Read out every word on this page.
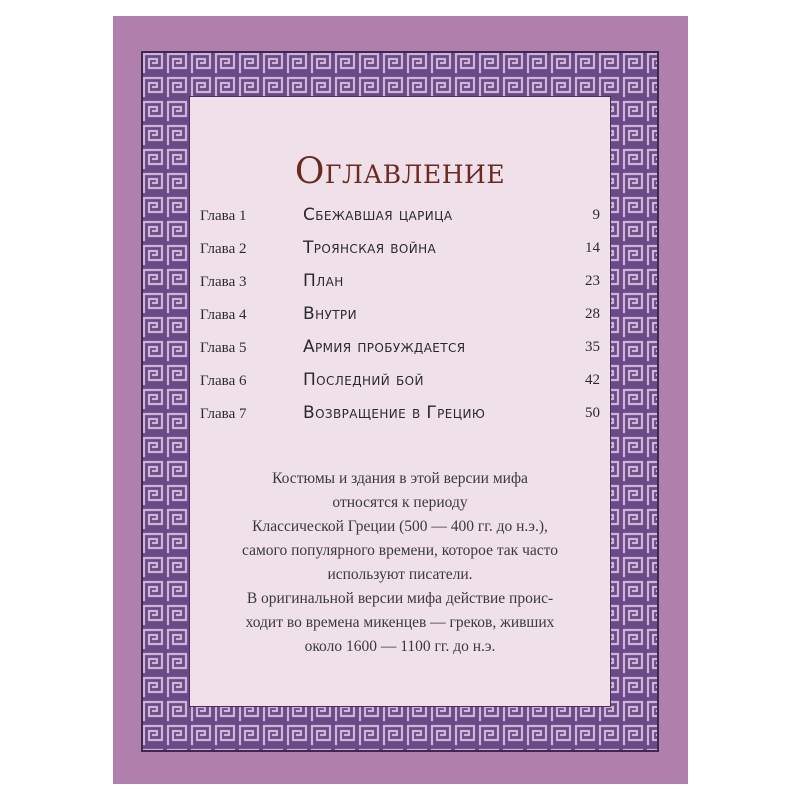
Оглавление
Глава 1	Сбежавшая царица	9
Глава 2	Троянская война	14
Глава 3	План	23
Глава 4	Внутри	28
Глава 5	Армия пробуждается	35
Глава 6	Последний бой	42
Глава 7	Возвращение в Грецию	50

Костюмы и здания в этой версии мифа
относятся к периоду
Классической Греции (500 — 400 гг. до н.э.),
самого популярного времени, которое так часто
используют писатели.
В оригинальной версии мифа действие проис-
ходит во времена микенцев — греков, живших
около 1600 — 1100 гг. до н.э.
